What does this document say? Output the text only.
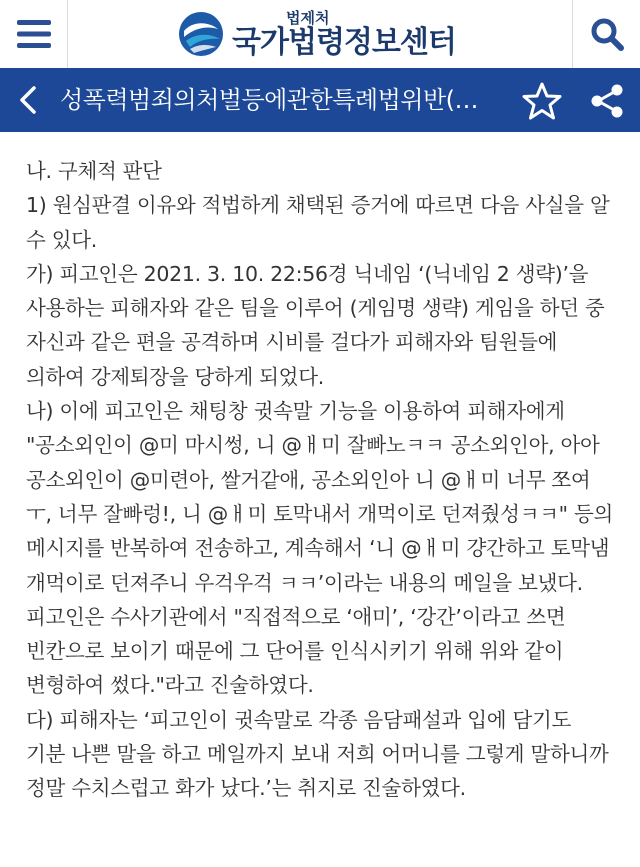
법제처
국가법령정보센터
성폭력범죄의처벌등에관한특례법위반(…

나. 구체적 판단

1) 원심판결 이유와 적법하게 채택된 증거에 따르면 다음 사실을 알 수 있다.

가) 피고인은 2021. 3. 10. 22:56경 닉네임 ‘(닉네임 2 생략)’을 사용하는 피해자와 같은 팀을 이루어 (게임명 생략) 게임을 하던 중 자신과 같은 편을 공격하며 시비를 걸다가 피해자와 팀원들에 의하여 강제퇴장을 당하게 되었다.

나) 이에 피고인은 채팅창 귓속말 기능을 이용하여 피해자에게 "공소외인이 @미 마시썽, 니 @ㅐ미 잘빠노ㅋㅋ 공소외인아, 아아 공소외인이 @미련아, 쌀거같애, 공소외인아 니 @ㅐ미 너무 쪼여 ㅜ, 너무 잘빠렁!, 니 @ㅐ미 토막내서 개먹이로 던져줬성ㅋㅋ" 등의 메시지를 반복하여 전송하고, 계속해서 ‘니 @ㅐ미 걍간하고 토막냄 개먹이로 던져주니 우걱우걱 ㅋㅋ’이라는 내용의 메일을 보냈다. 피고인은 수사기관에서 "직접적으로 ‘애미’, ‘강간’이라고 쓰면 빈칸으로 보이기 때문에 그 단어를 인식시키기 위해 위와 같이 변형하여 썼다."라고 진술하였다.

다) 피해자는 ‘피고인이 귓속말로 각종 음담패설과 입에 담기도 기분 나쁜 말을 하고 메일까지 보내 저희 어머니를 그렇게 말하니까 정말 수치스럽고 화가 났다.’는 취지로 진술하였다.
